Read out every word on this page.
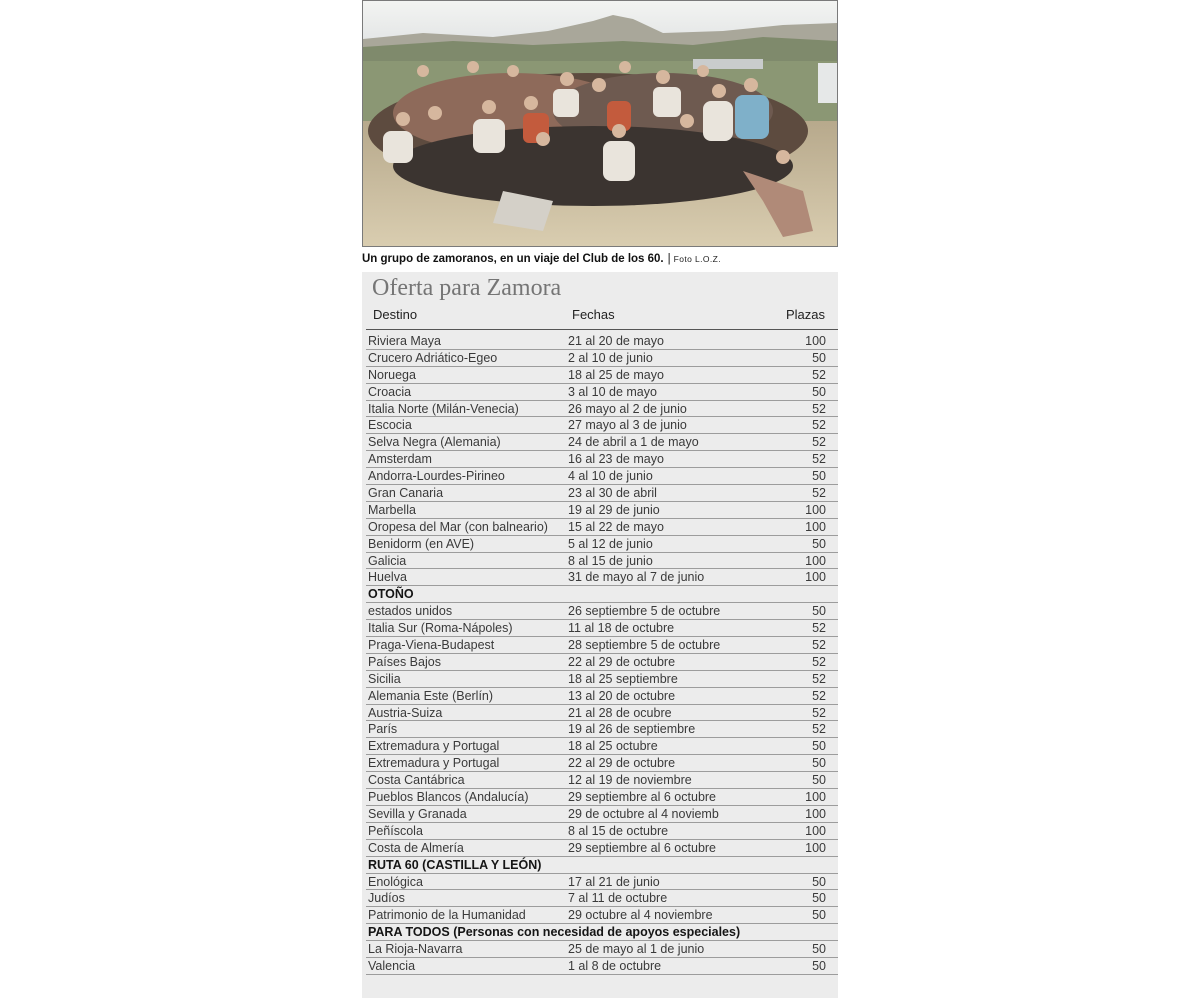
Un grupo de zamoranos, en un viaje del Club de los 60. | Foto L.O.Z.
Oferta para Zamora
Destino	Fechas	Plazas
Riviera Maya	21 al 20 de mayo	100
Crucero Adriático-Egeo	2 al 10 de junio	50
Noruega	18 al 25 de mayo	52
Croacia	3 al 10 de mayo	50
Italia Norte (Milán-Venecia)	26 mayo al 2 de junio	52
Escocia	27 mayo al 3 de junio	52
Selva Negra (Alemania)	24 de abril a 1 de mayo	52
Amsterdam	16 al 23 de mayo	52
Andorra-Lourdes-Pirineo	4 al 10 de junio	50
Gran Canaria	23 al 30 de abril	52
Marbella	19 al 29 de junio	100
Oropesa del Mar (con balneario) 15 al 22 de mayo	100
Benidorm (en AVE)	5 al 12 de junio	50
Galicia	8 al 15 de junio	100
Huelva	31 de mayo al 7 de junio	100
OTOÑO
estados unidos	26 septiembre 5 de octubre	50
Italia Sur (Roma-Nápoles)	11 al 18 de octubre	52
Praga-Viena-Budapest	28 septiembre 5 de octubre	52
Países Bajos	22 al 29 de octubre	52
Sicilia	18 al 25 septiembre	52
Alemania Este (Berlín)	13 al 20 de octubre	52
Austria-Suiza	21 al 28 de ocubre	52
París	19 al 26 de septiembre	52
Extremadura y Portugal	18 al 25 octubre	50
Extremadura y Portugal	22 al 29 de octubre	50
Costa Cantábrica	12 al 19 de noviembre	50
Pueblos Blancos (Andalucía)	29 septiembre al 6 octubre	100
Sevilla y Granada	29 de octubre al 4 noviemb	100
Peñíscola	8 al 15 de octubre	100
Costa de Almería	29 septiembre al 6 octubre	100
RUTA 60 (CASTILLA Y LEÓN)
Enológica	17 al 21 de junio	50
Judíos	7 al 11 de octubre	50
Patrimonio de la Humanidad	29 octubre al 4 noviembre	50
PARA TODOS (Personas con necesidad de apoyos especiales)
La Rioja-Navarra	25 de mayo al 1 de junio	50
Valencia	1 al 8 de octubre	50
